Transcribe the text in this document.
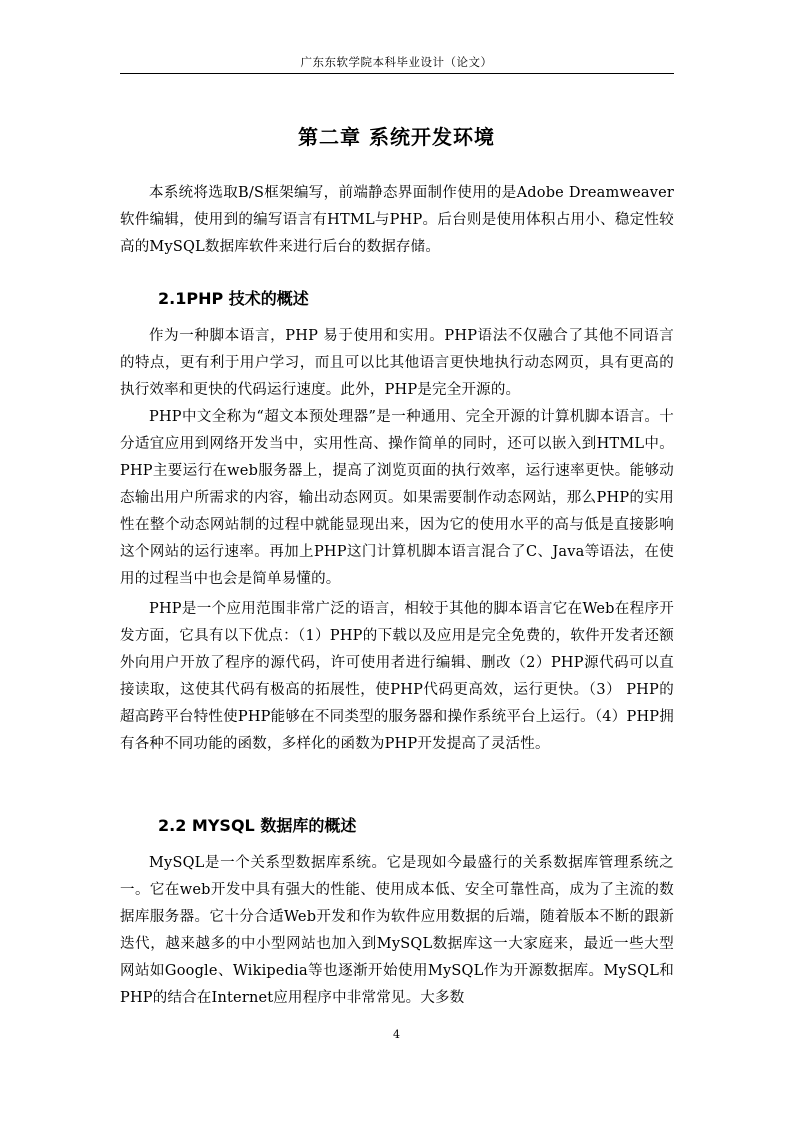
广东东软学院本科毕业设计（论文）
第二章 系统开发环境
本系统将选取B/S框架编写，前端静态界面制作使用的是Adobe Dreamweaver软件编辑，使用到的编写语言有HTML与PHP。后台则是使用体积占用小、稳定性较高的MySQL数据库软件来进行后台的数据存储。
2.1PHP 技术的概述
作为一种脚本语言，PHP 易于使用和实用。PHP语法不仅融合了其他不同语言的特点，更有利于用户学习，而且可以比其他语言更快地执行动态网页，具有更高的执行效率和更快的代码运行速度。此外，PHP是完全开源的。
PHP中文全称为“超文本预处理器”是一种通用、完全开源的计算机脚本语言。十分适宜应用到网络开发当中，实用性高、操作简单的同时，还可以嵌入到HTML中。PHP主要运行在web服务器上，提高了浏览页面的执行效率，运行速率更快。能够动态输出用户所需求的内容，输出动态网页。如果需要制作动态网站，那么PHP的实用性在整个动态网站制的过程中就能显现出来，因为它的使用水平的高与低是直接影响这个网站的运行速率。再加上PHP这门计算机脚本语言混合了C、Java等语法，在使用的过程当中也会是简单易懂的。
PHP是一个应用范围非常广泛的语言，相较于其他的脚本语言它在Web在程序开发方面，它具有以下优点：（1）PHP的下载以及应用是完全免费的，软件开发者还额外向用户开放了程序的源代码，许可使用者进行编辑、删改（2）PHP源代码可以直接读取，这使其代码有极高的拓展性，使PHP代码更高效，运行更快。（3） PHP的超高跨平台特性使PHP能够在不同类型的服务器和操作系统平台上运行。（4）PHP拥有各种不同功能的函数，多样化的函数为PHP开发提高了灵活性。
2.2 MYSQL 数据库的概述
MySQL是一个关系型数据库系统。它是现如今最盛行的关系数据库管理系统之一。它在web开发中具有强大的性能、使用成本低、安全可靠性高，成为了主流的数据库服务器。它十分合适Web开发和作为软件应用数据的后端，随着版本不断的跟新迭代，越来越多的中小型网站也加入到MySQL数据库这一大家庭来，最近一些大型网站如Google、Wikipedia等也逐渐开始使用MySQL作为开源数据库。MySQL和PHP的结合在Internet应用程序中非常常见。大多数
4
